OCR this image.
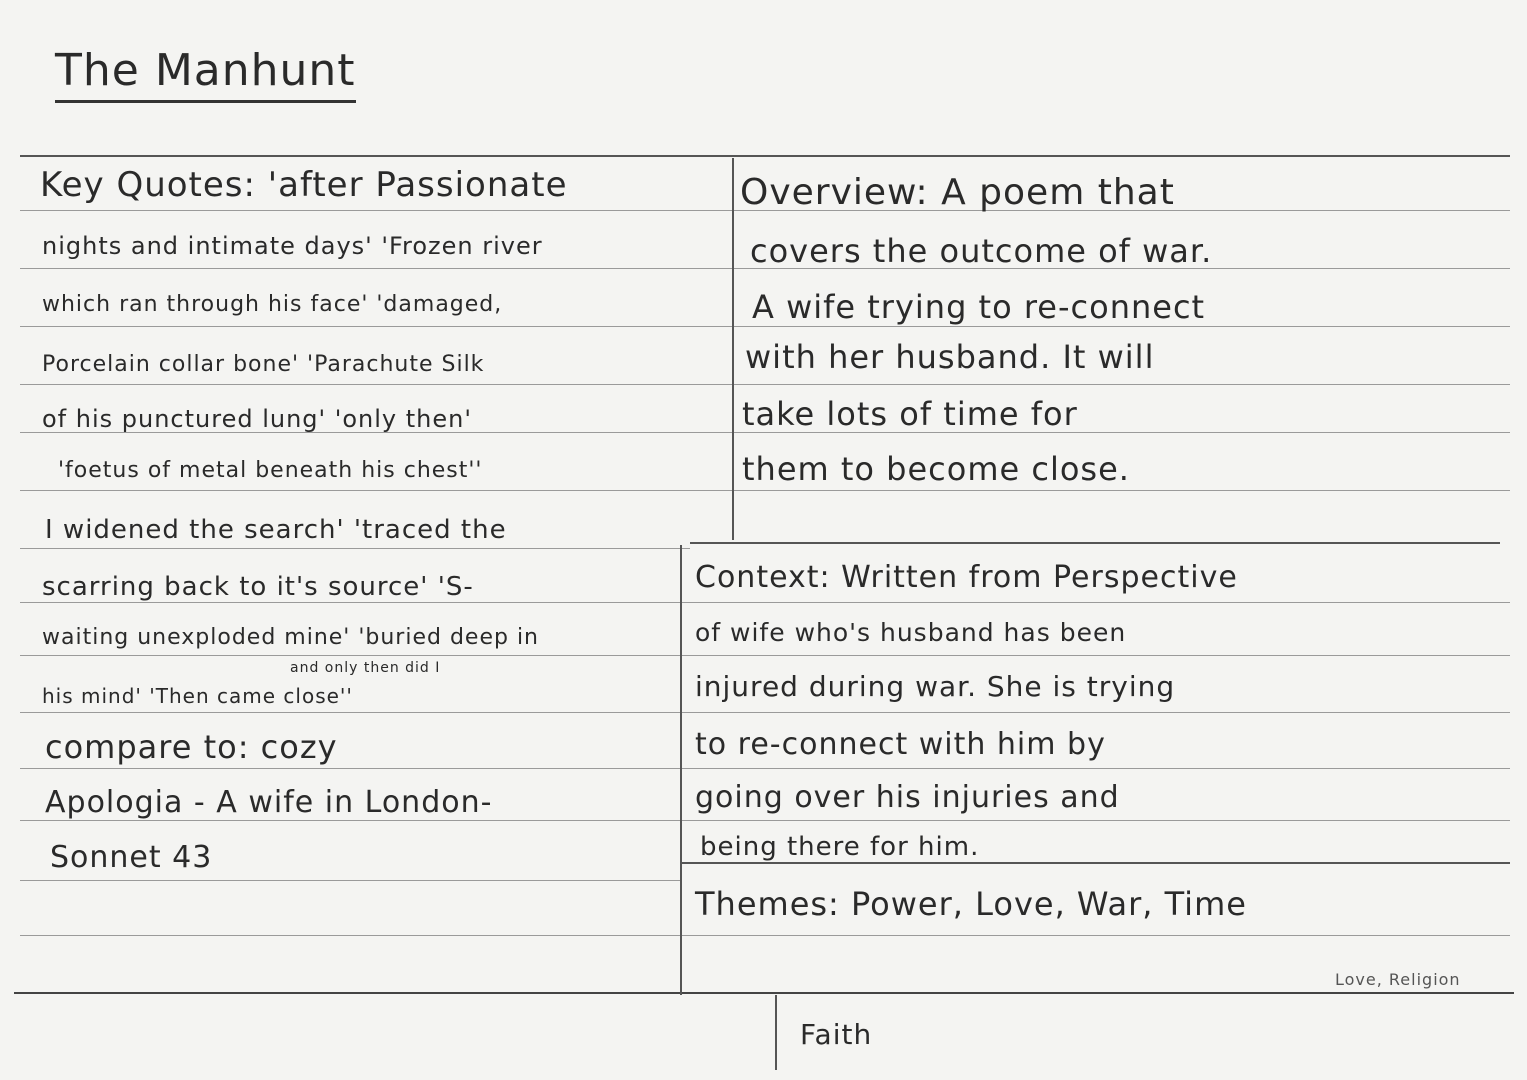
The Manhunt
Key Quotes: 'after Passionate
nights and intimate days' 'Frozen river
which ran through his face' 'damaged,
Porcelain collar bone' 'Parachute Silk
of his punctured lung' 'only then'
'foetus of metal beneath his chest''
I widened the search' 'traced the
scarring back to it's source' 'S-
waiting unexploded mine' 'buried deep in
and only then did I
his mind' 'Then came close''
compare to: cozy
Apologia - A wife in London-
Sonnet 43
Overview: A poem that
covers the outcome of war.
A wife trying to re-connect
with her husband. It will
take lots of time for
them to become close.
Context: Written from Perspective
of wife who's husband has been
injured during war. She is trying
to re-connect with him by
going over his injuries and
being there for him.
Themes: Power, Love, War, Time
Love, Religion
Faith
